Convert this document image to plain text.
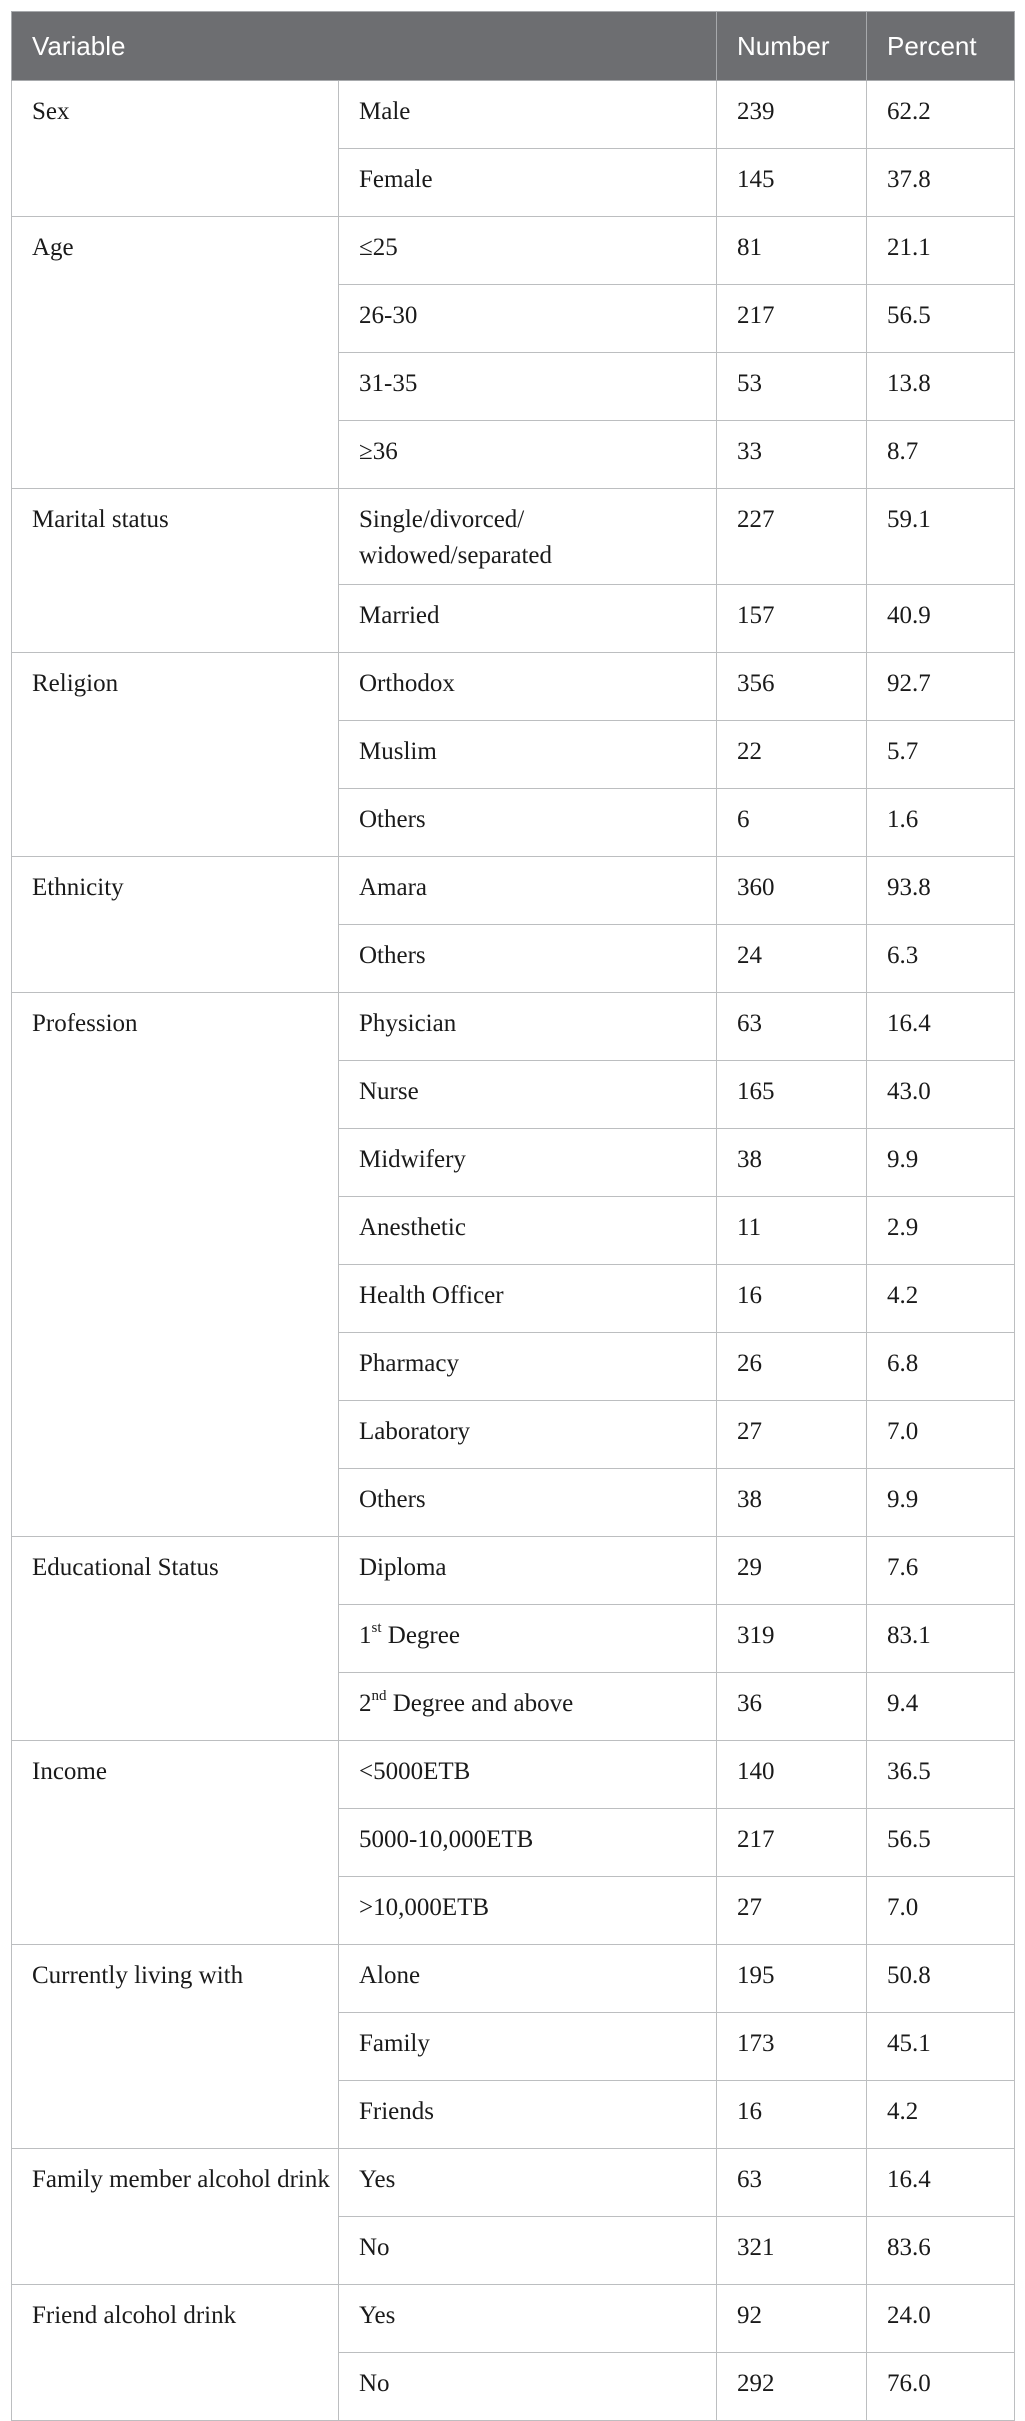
Variable		Number	Percent
Sex	Male	239	62.2
	Female	145	37.8
Age	≤25	81	21.1
	26-30	217	56.5
	31-35	53	13.8
	≥36	33	8.7
Marital status	Single/divorced/ widowed/separated	227	59.1
	Married	157	40.9
Religion	Orthodox	356	92.7
	Muslim	22	5.7
	Others	6	1.6
Ethnicity	Amara	360	93.8
	Others	24	6.3
Profession	Physician	63	16.4
	Nurse	165	43.0
	Midwifery	38	9.9
	Anesthetic	11	2.9
	Health Officer	16	4.2
	Pharmacy	26	6.8
	Laboratory	27	7.0
	Others	38	9.9
Educational Status	Diploma	29	7.6
	1st Degree	319	83.1
	2nd Degree and above	36	9.4
Income	<5000ETB	140	36.5
	5000-10,000ETB	217	56.5
	>10,000ETB	27	7.0
Currently living with	Alone	195	50.8
	Family	173	45.1
	Friends	16	4.2
Family member alcohol drink	Yes	63	16.4
	No	321	83.6
Friend alcohol drink	Yes	92	24.0
	No	292	76.0
